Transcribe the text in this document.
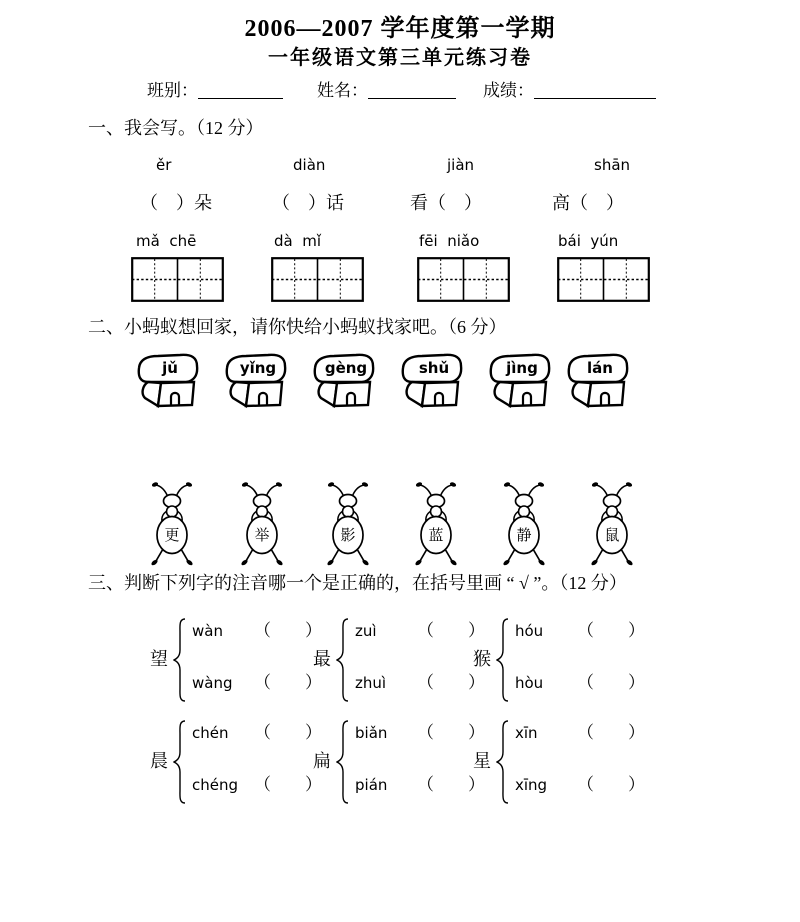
2006—2007 学年度第一学期
一年级语文第三单元练习卷
班别：	姓名：	成绩：
一、我会写。（12 分）
ěr	diàn	jiàn	shān
（　）朵	（　）话	看（　）	高（　）
mǎ  chē	dà  mǐ	fēi  niǎo	bái  yún
二、小蚂蚁想回家，请你快给小蚂蚁找家吧。（6 分）
jǔ	yǐng	gèng	shǔ	jìng	lán
更	举	影	蓝	静	鼠
三、判断下列字的注音哪一个是正确的，在括号里画 “ √ ”。（12 分）
望
wàn	（　　）
wàng	（　　）
最
zuì	（　　）
zhuì	（　　）
猴
hóu	（　　）
hòu	（　　）
晨
chén	（　　）
chéng （　　）
扁
biǎn	（　　）
pián	（　　）
星
xīn	（　　）
xīng	（　　）
